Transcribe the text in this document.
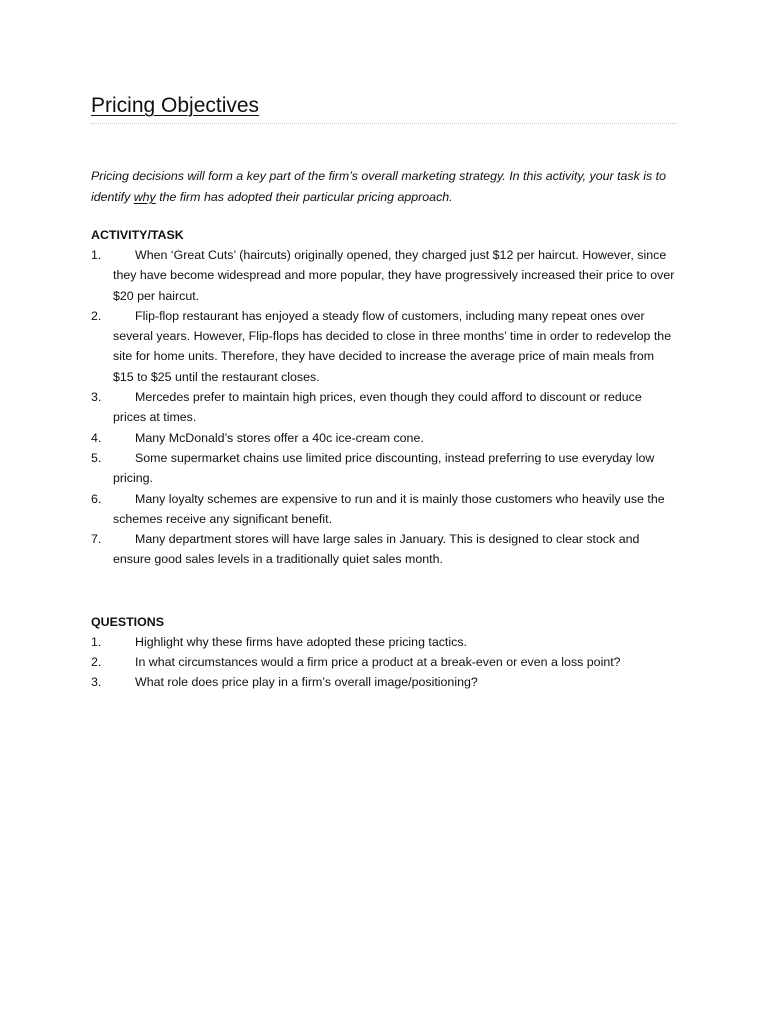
Pricing Objectives

Pricing decisions will form a key part of the firm’s overall marketing strategy. In this activity, your task is to identify why the firm has adopted their particular pricing approach.

ACTIVITY/TASK
1.	When ‘Great Cuts’ (haircuts) originally opened, they charged just $12 per haircut. However, since they have become widespread and more popular, they have progressively increased their price to over $20 per haircut.
2.	Flip-flop restaurant has enjoyed a steady flow of customers, including many repeat ones over several years. However, Flip-flops has decided to close in three months’ time in order to redevelop the site for home units. Therefore, they have decided to increase the average price of main meals from $15 to $25 until the restaurant closes.
3.	Mercedes prefer to maintain high prices, even though they could afford to discount or reduce prices at times.
4.	Many McDonald’s stores offer a 40c ice-cream cone.
5.	Some supermarket chains use limited price discounting, instead preferring to use everyday low pricing.
6.	Many loyalty schemes are expensive to run and it is mainly those customers who heavily use the schemes receive any significant benefit.
7.	Many department stores will have large sales in January. This is designed to clear stock and ensure good sales levels in a traditionally quiet sales month.
QUESTIONS
1.	Highlight why these firms have adopted these pricing tactics.
2.	In what circumstances would a firm price a product at a break-even or even a loss point?
3.	What role does price play in a firm’s overall image/positioning?
